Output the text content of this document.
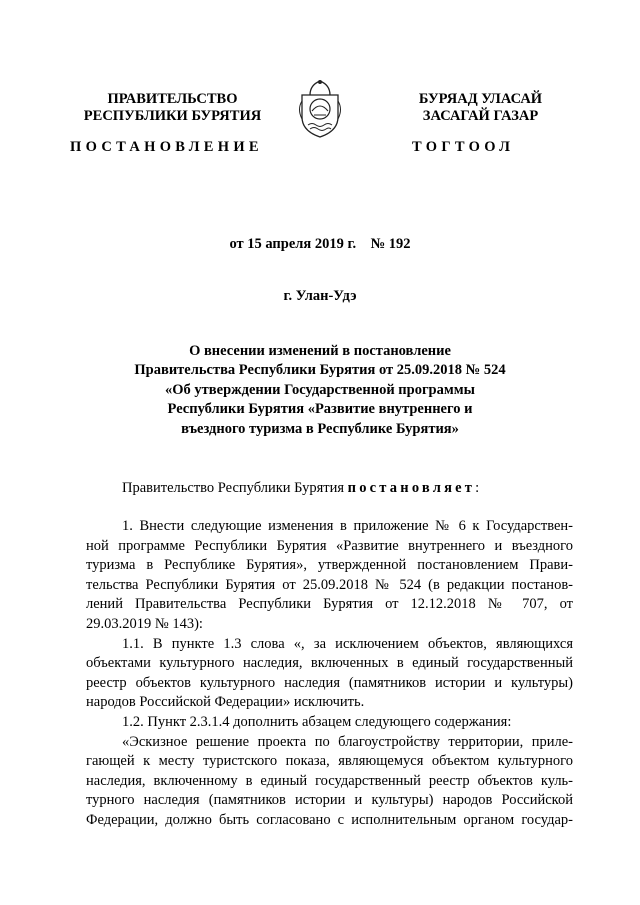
ПРАВИТЕЛЬСТВО
РЕСПУБЛИКИ БУРЯТИЯ
БУРЯАД УЛАСАЙ
ЗАСАГАЙ ГАЗАР
ПОСТАНОВЛЕНИЕ	ТОГТООЛ
от 15 апреля 2019 г.    № 192
г. Улан-Удэ
О внесении изменений в постановление
Правительства Республики Бурятия от 25.09.2018 № 524
«Об утверждении Государственной программы
Республики Бурятия «Развитие внутреннего и
въездного туризма в Республике Бурятия»
Правительство Республики Бурятия постановляет:
1. Внести следующие изменения в приложение № 6 к Государствен-
ной программе Республики Бурятия «Развитие внутреннего и въездного
туризма в Республике Бурятия», утвержденной постановлением Прави-
тельства Республики Бурятия от 25.09.2018 № 524 (в редакции постанов-
лений Правительства Республики Бурятия от 12.12.2018 № 707, от
29.03.2019 № 143):
1.1. В пункте 1.3 слова «, за исключением объектов, являющихся
объектами культурного наследия, включенных в единый государственный
реестр объектов культурного наследия (памятников истории и культуры)
народов Российской Федерации» исключить.
1.2. Пункт 2.3.1.4 дополнить абзацем следующего содержания:
«Эскизное решение проекта по благоустройству территории, приле-
гающей к месту туристского показа, являющемуся объектом культурного
наследия, включенному в единый государственный реестр объектов куль-
турного наследия (памятников истории и культуры) народов Российской
Федерации, должно быть согласовано с исполнительным органом государ-
